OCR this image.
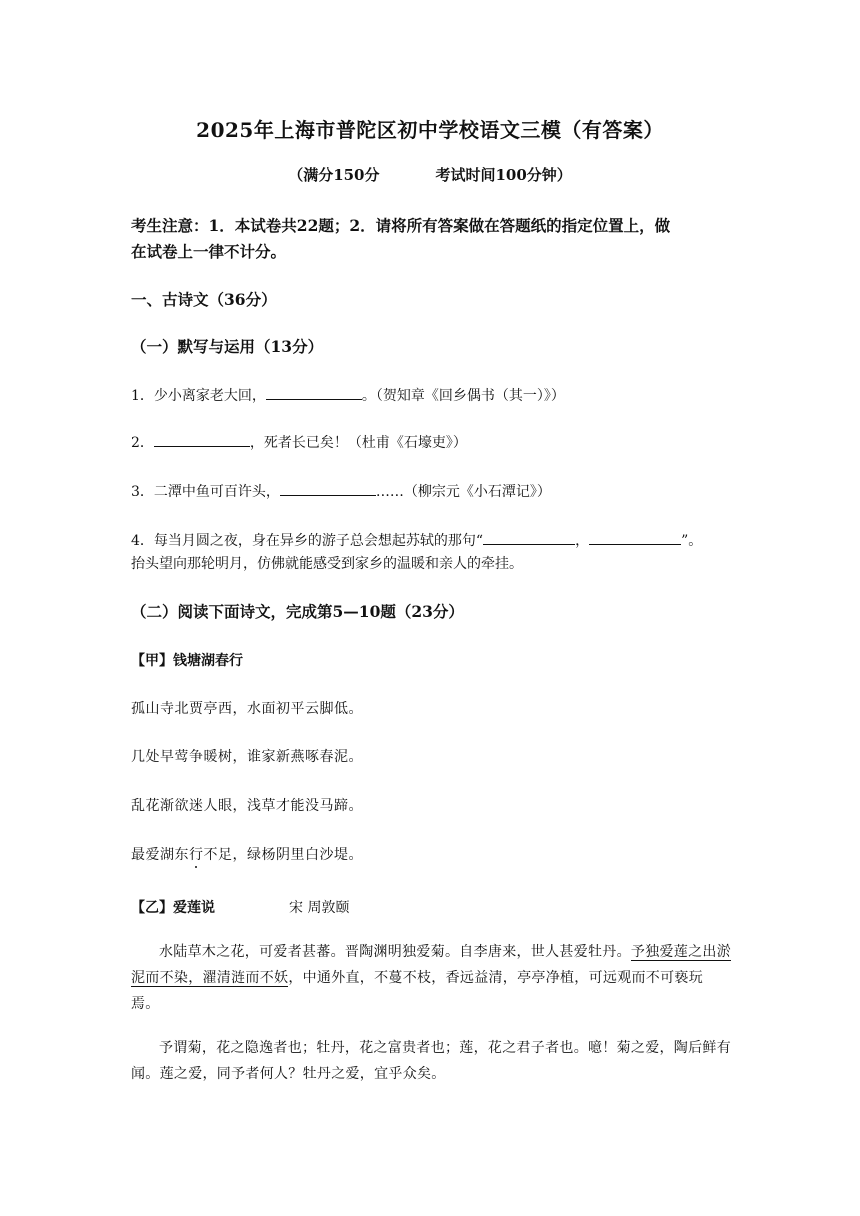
2025年上海市普陀区初中学校语文三模（有答案）
（满分150分	考试时间100分钟）
考生注意：1．本试卷共22题；2．请将所有答案做在答题纸的指定位置上，做
在试卷上一律不计分。
一、古诗文（36分）
（一）默写与运用（13分）
1．少小离家老大回，	。（贺知章《回乡偶书（其一）》）
2．	，死者长已矣！（杜甫《石壕吏》）
3．二潭中鱼可百许头，	……（柳宗元《小石潭记》）
4．每当月圆之夜，身在异乡的游子总会想起苏轼的那句“	，	”。
抬头望向那轮明月，仿佛就能感受到家乡的温暖和亲人的牵挂。
（二）阅读下面诗文，完成第5—10题（23分）
【甲】钱塘湖春行
孤山寺北贾亭西，水面初平云脚低。
几处早莺争暖树，谁家新燕啄春泥。
乱花渐欲迷人眼，浅草才能没马蹄。
最爱湖东行不足，绿杨阴里白沙堤。
【乙】爱莲说	宋 周敦颐
水陆草木之花，可爱者甚蕃。晋陶渊明独爱菊。自李唐来，世人甚爱牡丹。予独爱莲之出淤泥而不染，濯清涟而不妖，中通外直，不蔓不枝，香远益清，亭亭净植，可远观而不可亵玩焉。
予谓菊，花之隐逸者也；牡丹，花之富贵者也；莲，花之君子者也。噫！菊之爱，陶后鲜有闻。莲之爱，同予者何人？牡丹之爱，宜乎众矣。
